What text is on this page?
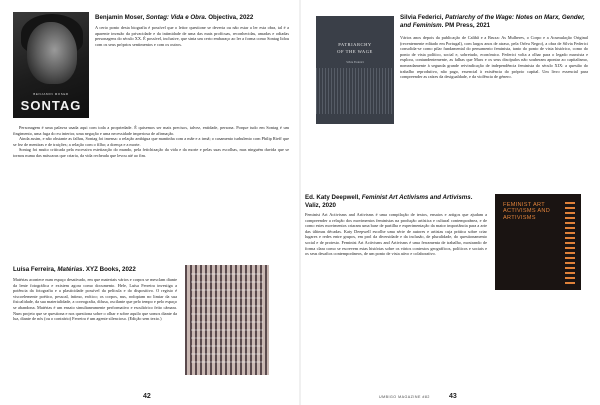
BENJAMIN MOSER
SONTAG
Benjamin Moser, Sontag: Vida e Obra. Objectiva, 2022

A certo ponto desta biografia é possível que o leitor questione se deveria ou não estar a ler esta obra, tal é a aparente invasão da privacidade e da intimidade de uma das mais profícuas, reconhecidas, amadas e odiadas personagens do século XX. É possível, inclusive, que sinta um certo embaraço ao ler a forma como Sontag lidou com os seus próprios sentimentos e com os outros.

Personagem é uma palavra usada aqui com toda a propriedade. É quisemos ser mais precisos, talvez, entidade, persona. Porque tudo em Sontag é um fingimento, uma fuga do eu interior, uma negação e uma necessidade imperiosa de afirmação.

Ainda assim, e não obstante as falhas, Sontag foi imensa: a relação ambígua que mantinha com a mãe e a irmã; o casamento turbulento com Philip Rieff que se fez de mentiras e de traições; a relação com o filho; a doença e a morte.

Sontag foi muito criticada pela excessiva estetização do mundo, pela fetichização da vida e da morte e pelas suas escolhas, mas ninguém duvida que se tornou numa das máscaras que criaria, da vida recheada que levou até ao fim.

Luísa Ferreira, Matérias. XYZ Books, 2022

Matérias acontece num espaço desativado, em que materiais vários e corpos se mesclam diante da lente fotográfica e existem agora como documento. Hele, Luísa Ferreira investiga a potência da fotografia e a plasticidade possível da película e do dispositivo. O registo é viscoelemente poético, pessoal, íntimo, erótico; os corpos, nus, rodopiam no limiar da sua fisicalidade, da sua materialidade, a coreografia, difusa, oscilante que pelo tempo e pelo espaço se abandona. Matérias é um ensaio simultaneamente performativo e escultórico feito câmara. Num projeto que se questiona e nos questiona sobre o olhar e sobre aquilo que somos diante da luz, diante de nós (ou o contrário) Ferreira é um agente silencioso. (Edição sem texto.)

42
PATRIARCHY
OF THE WAGE
Silvia Federici
Silvia Federici, Patriarchy of the Wage: Notes on Marx, Gender, and Feminism. PM Press, 2021

Vários anos depois da publicação de Calibã e a Bruxa: As Mulheres, o Corpo e a Acumulação Original (recentemente editado em Portugal), com largos anos de atraso, pela Orfeu Negro), a obra de Silvia Federici consolida-se como pilar fundamental do pensamento feminista, tanto do ponto de vista histórico, como do ponto de vista político, social e, sobretudo, económico. Federici volta a olhar para o legado marxista e explora, contundentemente, as falhas que Marx e os seus discípulos não souberam apontar ao capitalismo, nomeadamente à segunda grande reivindicação de independência feminista do século XIX: a questão do trabalho reprodutivo, não pago, essencial à existência do próprio capital. Um livro essencial para compreender as raízes da desigualdade, e da violência de género.

Ed. Katy Deepwell, Feminist Art Activisms and Artivisms. Valiz, 2020

Feminist Art Activisms and Artivisms é uma compilação de textos, ensaios e artigos que ajudam a compreender a relação dos movimentos feministas na produção artística e cultural contemporânea, e de como estes movimentos criaram uma base de partilha e experimentação da maior importância para a arte das últimas décadas. Katy Deepwell escolhe uma série de autores e artistas cuja prática sobre criar lugares e redes entre grupos, em prol da diversidade e da inclusão, de pluralidade, do questionamento social e de protesto. Feminist Art Activisms and Artivisms é uma ferramenta de trabalho, mostrando de forma clara como se escrevem estas histórias sobre os vários contextos geográficos, políticos e sociais e os seus desafios contemporâneos, de um ponto de vista ativo e colaborativo.

FEMINIST ART ACTIVISMS AND ARTIVISMS
UMBIGO MAGAZINE #82	43
